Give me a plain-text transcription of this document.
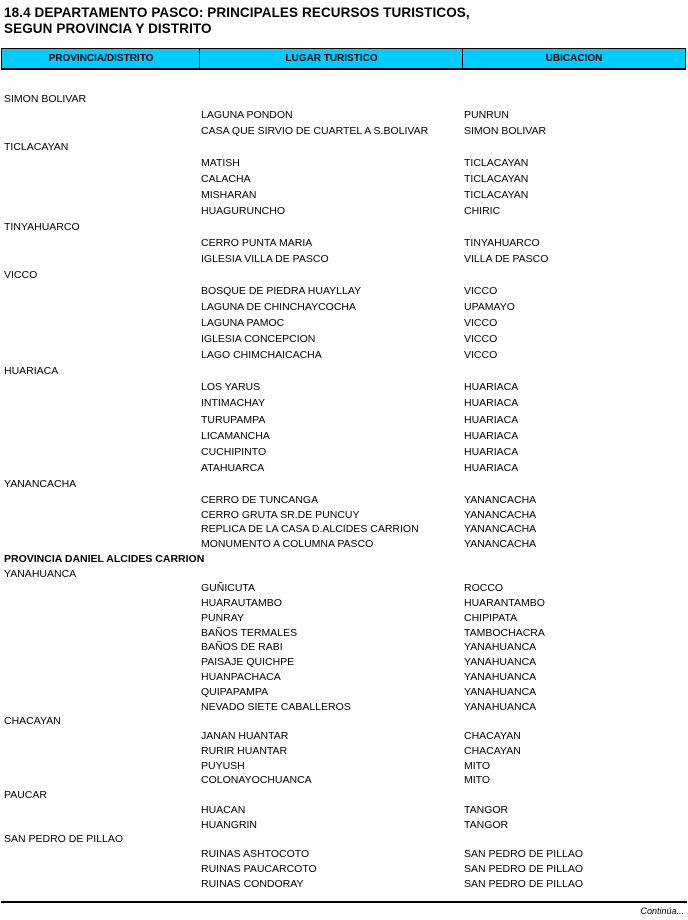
18.4 DEPARTAMENTO PASCO: PRINCIPALES RECURSOS TURISTICOS,
SEGUN PROVINCIA Y DISTRITO
PROVINCIA/DISTRITO	LUGAR TURISTICO	UBICACION
SIMON BOLIVAR
LAGUNA PONDON	PUNRUN
CASA QUE SIRVIO DE CUARTEL A S.BOLIVAR	SIMON BOLIVAR
TICLACAYAN
MATISH	TICLACAYAN
CALACHA	TICLACAYAN
MISHARAN	TICLACAYAN
HUAGURUNCHO	CHIRIC
TINYAHUARCO
CERRO PUNTA MARIA	TINYAHUARCO
IGLESIA VILLA DE PASCO	VILLA DE PASCO
VICCO
BOSQUE DE PIEDRA HUAYLLAY	VICCO
LAGUNA DE CHINCHAYCOCHA	UPAMAYO
LAGUNA PAMOC	VICCO
IGLESIA CONCEPCION	VICCO
LAGO CHIMCHAICACHA	VICCO
HUARIACA
LOS YARUS	HUARIACA
INTIMACHAY	HUARIACA
TURUPAMPA	HUARIACA
LICAMANCHA	HUARIACA
CUCHIPINTO	HUARIACA
ATAHUARCA	HUARIACA
YANANCACHA
CERRO DE TUNCANGA	YANANCACHA
CERRO GRUTA SR.DE PUNCUY	YANANCACHA
REPLICA DE LA CASA D.ALCIDES CARRION	YANANCACHA
MONUMENTO A COLUMNA PASCO	YANANCACHA
PROVINCIA DANIEL ALCIDES CARRION
YANAHUANCA
GUÑICUTA	ROCCO
HUARAUTAMBO	HUARANTAMBO
PUNRAY	CHIPIPATA
BAÑOS TERMALES	TAMBOCHACRA
BAÑOS DE RABI	YANAHUANCA
PAISAJE QUICHPE	YANAHUANCA
HUANPACHACA	YANAHUANCA
QUIPAPAMPA	YANAHUANCA
NEVADO SIETE CABALLEROS	YANAHUANCA
CHACAYAN
JANAN HUANTAR	CHACAYAN
RURIR HUANTAR	CHACAYAN
PUYUSH	MITO
COLONAYOCHUANCA	MITO
PAUCAR
HUACAN	TANGOR
HUANGRIN	TANGOR
SAN PEDRO DE PILLAO
RUINAS ASHTOCOTO	SAN PEDRO DE PILLAO
RUINAS PAUCARCOTO	SAN PEDRO DE PILLAO
RUINAS CONDORAY	SAN PEDRO DE PILLAO
Continúa...
